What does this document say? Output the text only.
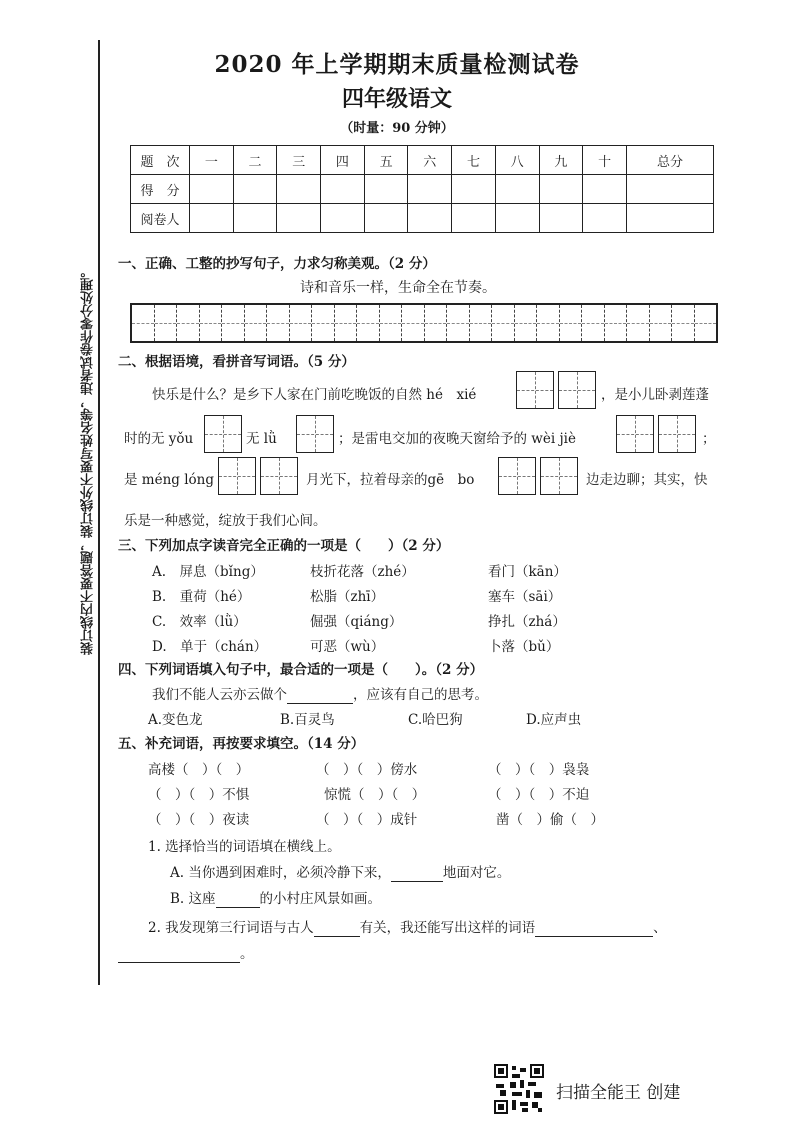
装订线内不要答题，装订线外不要写姓名等，违者试卷作零分处理。
2020 年上学期期末质量检测试卷
四年级语文
（时量：90 分钟）
题　次	一	二	三	四	五	六	七	八	九	十	总分
得　分											
阅卷人											
一、正确、工整的抄写句子，力求匀称美观。（2 分）
诗和音乐一样，生命全在节奏。
二、根据语境，看拼音写词语。（5 分）
快乐是什么？是乡下人家在门前吃晚饭的自然 hé　xié	，是小儿卧剥莲蓬
时的无 yǒu	无 lǜ	；是雷电交加的夜晚天窗给予的 wèi jiè	；
是 méng lóng	月光下，拉着母亲的gē　bo	边走边聊；其实，快
乐是一种感觉，绽放于我们心间。
三、下列加点字读音完全正确的一项是（　　）（2 分）
A.　屏息（bǐng）	枝折花落（zhé）	看门（kān）
B.　重荷（hé）	松脂（zhī）	塞车（sāi）
C.　效率（lǜ）	倔强（qiáng）	挣扎（zhá）
D.　单于（chán）	可恶（wù）	卜落（bǔ）
四、下列词语填入句子中，最合适的一项是（　　）。（2 分）
我们不能人云亦云做个	，应该有自己的思考。
A.变色龙	B.百灵鸟	C.哈巴狗	D.应声虫
五、补充词语，再按要求填空。（14 分）
高楼（　）（　）	（　）（　）傍水	（　）（　）袅袅
（　）（　）不惧	惊慌（　）（　）	（　）（　）不迫
（　）（　）夜读	（　）（　）成针	凿（　）偷（　）
1. 选择恰当的词语填在横线上。
A. 当你遇到困难时，必须冷静下来，	地面对它。
B. 这座	的小村庄风景如画。
2. 我发现第三行词语与古人	有关，我还能写出这样的词语	、
。
扫描全能王 创建
